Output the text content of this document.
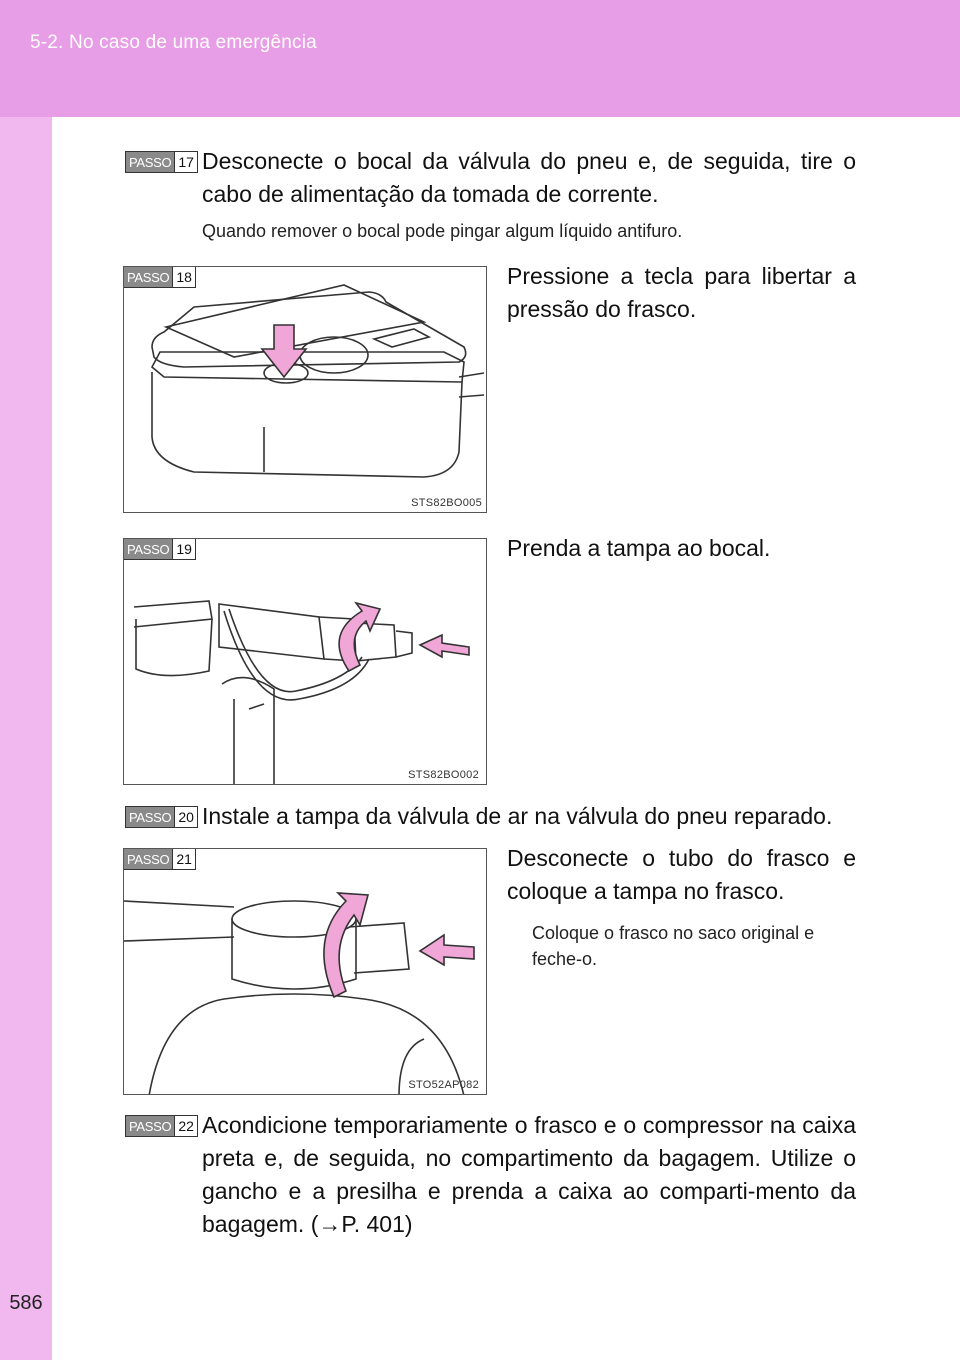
5-2. No caso de uma emergência
586
PASSO 17 Desconecte o bocal da válvula do pneu e, de seguida, tire o cabo de alimentação da tomada de corrente.
Quando remover o bocal pode pingar algum líquido antifuro.
PASSO 18
STS82BO005
Pressione a tecla para libertar a pressão do frasco.
PASSO 19
STS82BO002
Prenda a tampa ao bocal.
PASSO 20 Instale a tampa da válvula de ar na válvula do pneu reparado.
PASSO 21
STO52AP082
Desconecte o tubo do frasco e coloque a tampa no frasco.
Coloque o frasco no saco original e feche-o.
PASSO 22 Acondicione temporariamente o frasco e o compressor na caixa preta e, de seguida, no compartimento da bagagem. Utilize o gancho e a presilha e prenda a caixa ao comparti-mento da bagagem. (→P. 401)
